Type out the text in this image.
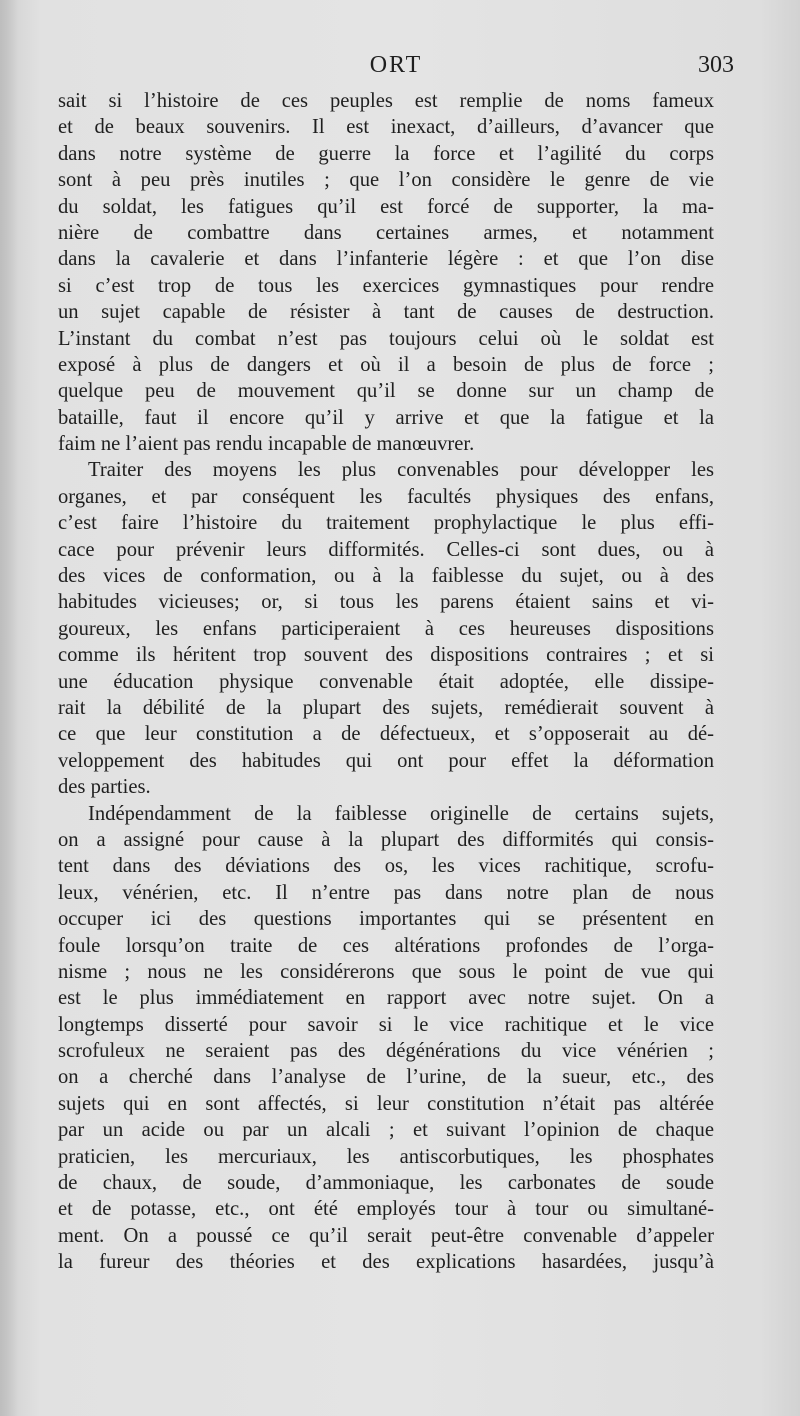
ORT	303
sait si l’histoire de ces peuples est remplie de noms fameux
et de beaux souvenirs. Il est inexact, d’ailleurs, d’avancer que
dans notre système de guerre la force et l’agilité du corps
sont à peu près inutiles ; que l’on considère le genre de vie
du soldat, les fatigues qu’il est forcé de supporter, la ma-
nière de combattre dans certaines armes, et notamment
dans la cavalerie et dans l’infanterie légère : et que l’on dise
si c’est trop de tous les exercices gymnastiques pour rendre
un sujet capable de résister à tant de causes de destruction.
L’instant du combat n’est pas toujours celui où le soldat est
exposé à plus de dangers et où il a besoin de plus de force ;
quelque peu de mouvement qu’il se donne sur un champ de
bataille, faut il encore qu’il y arrive et que la fatigue et la
faim ne l’aient pas rendu incapable de manœuvrer.
Traiter des moyens les plus convenables pour développer les
organes, et par conséquent les facultés physiques des enfans,
c’est faire l’histoire du traitement prophylactique le plus effi-
cace pour prévenir leurs difformités. Celles-ci sont dues, ou à
des vices de conformation, ou à la faiblesse du sujet, ou à des
habitudes vicieuses; or, si tous les parens étaient sains et vi-
goureux, les enfans participeraient à ces heureuses dispositions
comme ils héritent trop souvent des dispositions contraires ; et si
une éducation physique convenable était adoptée, elle dissipe-
rait la débilité de la plupart des sujets, remédierait souvent à
ce que leur constitution a de défectueux, et s’opposerait au dé-
veloppement des habitudes qui ont pour effet la déformation
des parties.
Indépendamment de la faiblesse originelle de certains sujets,
on a assigné pour cause à la plupart des difformités qui consis-
tent dans des déviations des os, les vices rachitique, scrofu-
leux, vénérien, etc. Il n’entre pas dans notre plan de nous
occuper ici des questions importantes qui se présentent en
foule lorsqu’on traite de ces altérations profondes de l’orga-
nisme ; nous ne les considérerons que sous le point de vue qui
est le plus immédiatement en rapport avec notre sujet. On a
longtemps disserté pour savoir si le vice rachitique et le vice
scrofuleux ne seraient pas des dégénérations du vice vénérien ;
on a cherché dans l’analyse de l’urine, de la sueur, etc., des
sujets qui en sont affectés, si leur constitution n’était pas altérée
par un acide ou par un alcali ; et suivant l’opinion de chaque
praticien, les mercuriaux, les antiscorbutiques, les phosphates
de chaux, de soude, d’ammoniaque, les carbonates de soude
et de potasse, etc., ont été employés tour à tour ou simultané-
ment. On a poussé ce qu’il serait peut-être convenable d’appeler
la fureur des théories et des explications hasardées, jusqu’à
